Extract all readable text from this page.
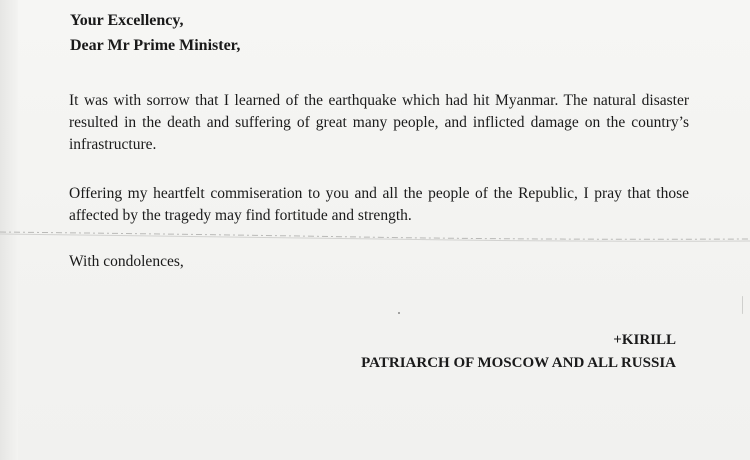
Your Excellency,
Dear Mr Prime Minister,
It was with sorrow that I learned of the earthquake which had hit Myanmar. The natural disaster resulted in the death and suffering of great many people, and inflicted damage on the country’s infrastructure.
Offering my heartfelt commiseration to you and all the people of the Republic, I pray that those affected by the tragedy may find fortitude and strength.
With condolences,
+KIRILL
PATRIARCH OF MOSCOW AND ALL RUSSIA
